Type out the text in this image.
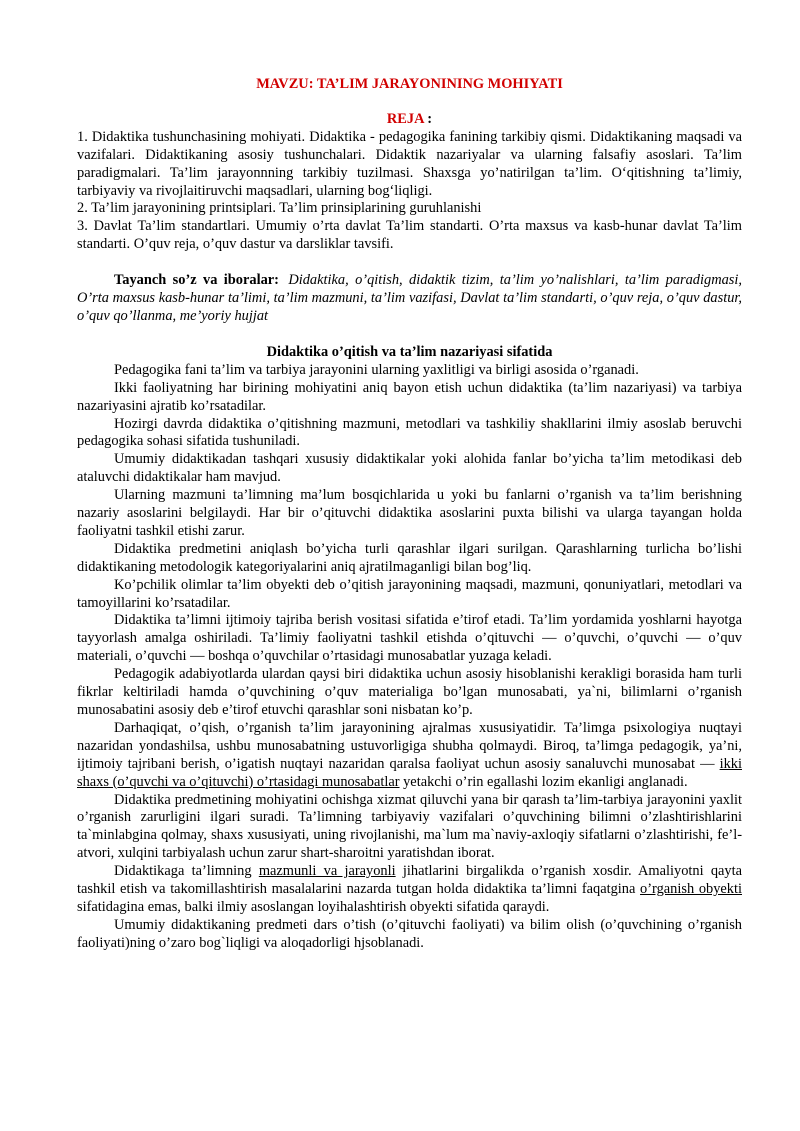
MAVZU: TA’LIM JARAYONINING MOHIYATI

REJA :

1. Didaktika tushunchasining mohiyati. Didaktika - pedagogika fanining tarkibiy qismi. Didaktikaning maqsadi va vazifalari. Didaktikaning asosiy tushunchalari. Didaktik nazariyalar va ularning falsafiy asoslari. Ta’lim paradigmalari. Ta’lim jarayonnning tarkibiy tuzilmasi. Shaxsga yo’natirilgan ta’lim. O‘qitishning ta’limiy, tarbiyaviy va rivojlaitiruvchi maqsadlari, ularning bog‘liqligi.

2. Ta’lim jarayonining printsiplari. Ta’lim prinsiplarining guruhlanishi

3. Davlat Ta’lim standartlari. Umumiy o’rta davlat Ta’lim standarti. O’rta maxsus va kasb-hunar davlat Ta’lim standarti. O’quv reja, o’quv dastur va darsliklar tavsifi.

Tayanch so’z va iboralar: Didaktika, o’qitish, didaktik tizim, ta’lim yo’nalishlari, ta’lim paradigmasi, O’rta maxsus kasb-hunar ta’limi, ta’lim mazmuni, ta’lim vazifasi, Davlat ta’lim standarti, o’quv reja, o’quv dastur, o’quv qo’llanma, me’yoriy hujjat

Didaktika o’qitish va ta’lim nazariyasi sifatida

Pedagogika fani ta’lim va tarbiya jarayonini ularning yaxlitligi va birligi asosida o’rganadi.

Ikki faoliyatning har birining mohiyatini aniq bayon etish uchun didaktika (ta’lim nazariyasi) va tarbiya nazariyasini ajratib ko’rsatadilar.

Hozirgi davrda didaktika o’qitishning mazmuni, metodlari va tashkiliy shakllarini ilmiy asoslab beruvchi pedagogika sohasi sifatida tushuniladi.

Umumiy didaktikadan tashqari xususiy didaktikalar yoki alohida fanlar bo’yicha ta’lim metodikasi deb ataluvchi didaktikalar ham mavjud.

Ularning mazmuni ta’limning ma’lum bosqichlarida u yoki bu fanlarni o’rganish va ta’lim berishning nazariy asoslarini belgilaydi. Har bir o’qituvchi didaktika asoslarini puxta bilishi va ularga tayangan holda faoliyatni tashkil etishi zarur.

Didaktika predmetini aniqlash bo’yicha turli qarashlar ilgari surilgan. Qarashlarning turlicha bo’lishi didaktikaning metodologik kategoriyalarini aniq ajratilmaganligi bilan bog’liq.

Ko’pchilik olimlar ta’lim obyekti deb o’qitish jarayonining maqsadi, mazmuni, qonuniyatlari, metodlari va tamoyillarini ko’rsatadilar.

Didaktika ta’limni ijtimoiy tajriba berish vositasi sifatida e’tirof etadi. Ta’lim yordamida yoshlarni hayotga tayyorlash amalga oshiriladi. Ta’limiy faoliyatni tashkil etishda o’qituvchi — o’quvchi, o’quvchi — o’quv materiali, o’quvchi — boshqa o’quvchilar o’rtasidagi munosabatlar yuzaga keladi.

Pedagogik adabiyotlarda ulardan qaysi biri didaktika uchun asosiy hisoblanishi kerakligi borasida ham turli fikrlar keltiriladi hamda o’quvchining o’quv materialiga bo’lgan munosabati, ya`ni, bilimlarni o’rganish munosabatini asosiy deb e’tirof etuvchi qarashlar soni nisbatan ko’p.

Darhaqiqat, o’qish, o’rganish ta’lim jarayonining ajralmas xususiyatidir. Ta’limga psixologiya nuqtayi nazaridan yondashilsa, ushbu munosabatning ustuvorligiga shubha qolmaydi. Biroq, ta’limga pedagogik, ya’ni, ijtimoiy tajribani berish, o’igatish nuqtayi nazaridan qaralsa faoliyat uchun asosiy sanaluvchi munosabat — ikki shaxs (o’quvchi va o’qituvchi) o’rtasidagi munosabatlar yetakchi o’rin egallashi lozim ekanligi anglanadi.

Didaktika predmetining mohiyatini ochishga xizmat qiluvchi yana bir qarash ta’lim-tarbiya jarayonini yaxlit o’rganish zarurligini ilgari suradi. Ta’limning tarbiyaviy vazifalari o’quvchining bilimni o’zlashtirishlarini ta`minlabgina qolmay, shaxs xususiyati, uning rivojlanishi, ma`lum ma`naviy-axloqiy sifatlarni o’zlashtirishi, fe’l-atvori, xulqini tarbiyalash uchun zarur shart-sharoitni yaratishdan iborat.

Didaktikaga ta’limning mazmunli va jarayonli jihatlarini birgalikda o’rganish xosdir. Amaliyotni qayta tashkil etish va takomillashtirish masalalarini nazarda tutgan holda didaktika ta’limni faqatgina o’rganish obyekti sifatidagina emas, balki ilmiy asoslangan loyihalashtirish obyekti sifatida qaraydi.

Umumiy didaktikaning predmeti dars o’tish (o’qituvchi faoliyati) va bilim olish (o’quvchining o’rganish faoliyati)ning o’zaro bog`liqligi va aloqadorligi hjsoblanadi.
